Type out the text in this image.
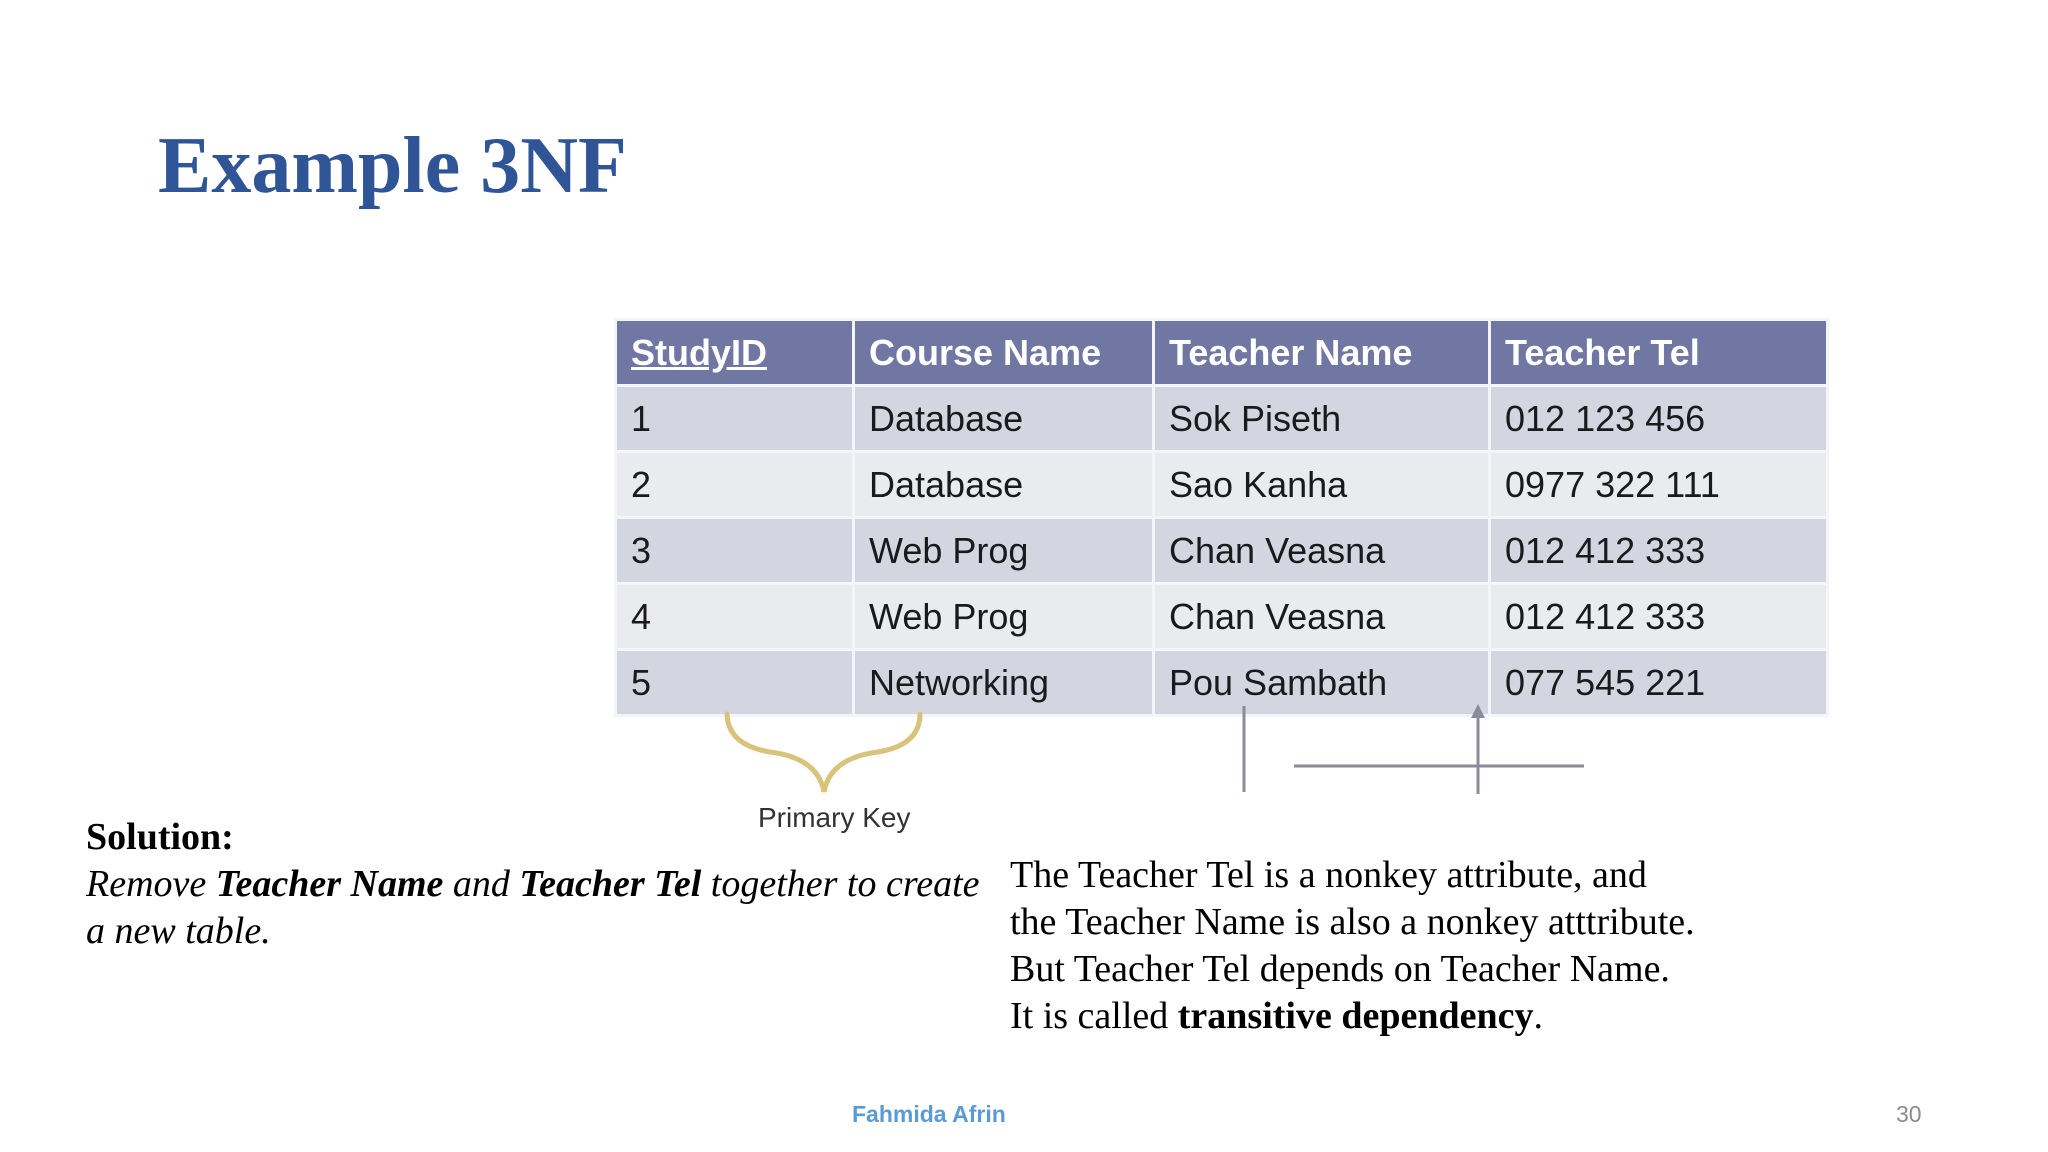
Example 3NF
StudyID	Course Name	Teacher Name	Teacher Tel
1	Database	Sok Piseth	012 123 456
2	Database	Sao Kanha	0977 322 111
3	Web Prog	Chan Veasna	012 412 333
4	Web Prog	Chan Veasna	012 412 333
5	Networking	Pou Sambath	077 545 221
Primary Key
Solution:
Remove Teacher Name and Teacher Tel together to create a new table.
The Teacher Tel is a nonkey attribute, and
the Teacher Name is also a nonkey atttribute.
But Teacher Tel depends on Teacher Name.
It is called transitive dependency.
Fahmida Afrin	30
